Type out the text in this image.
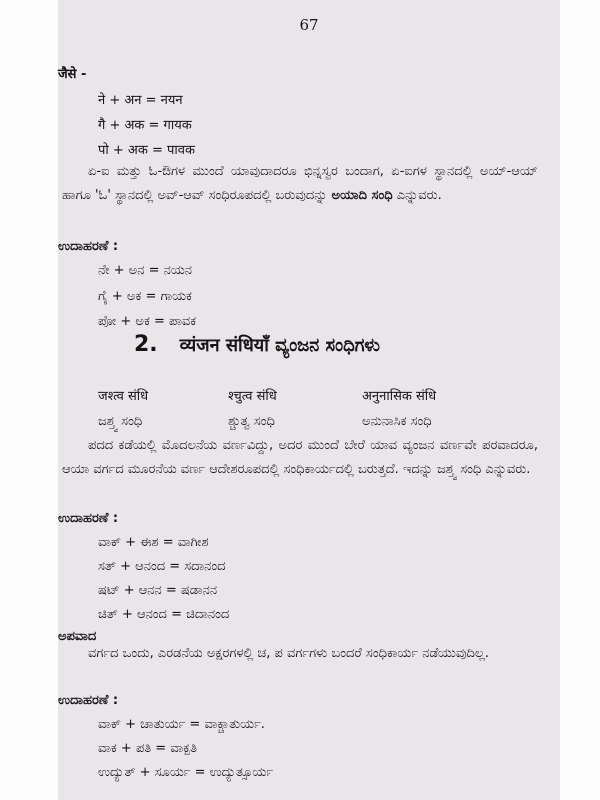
67
जैसे -
ने + अन = नयन
गै + अक = गायक
पो + अक = पावक
ಏ-ಐ ಮತ್ತು ಓ-ಔಗಳ ಮುಂದೆ ಯಾವುದಾದರೂ ಭಿನ್ನಸ್ವರ ಬಂದಾಗ, ಏ-ಐಗಳ ಸ್ಥಾನದಲ್ಲಿ ಅಯ್-ಆಯ್ ಹಾಗೂ 'ಓ' ಸ್ಥಾನದಲ್ಲಿ ಅವ್-ಆವ್ ಸಂಧಿರೂಪದಲ್ಲಿ ಬರುವುದನ್ನು ಅಯಾದಿ ಸಂಧಿ ಎನ್ನುವರು.
ಉದಾಹರಣೆ :
ನೇ + ಅನ = ನಯನ
ಗೈ + ಅಕ = ಗಾಯಕ
ಪೋ + ಅಕ = ಪಾವಕ
2. व्यंजन संधियाँ ವ್ಯಂಜನ ಸಂಧಿಗಳು
जश्त्व संधि	श्चुत्व संधि	अनुनासिक संधि
ಜಶ್ತ್ವ ಸಂಧಿ	ಶ್ಚುತ್ವ ಸಂಧಿ	ಅನುನಾಸಿಕ ಸಂಧಿ
ಪದದ ಕಡೆಯಲ್ಲಿ ಮೊದಲನೆಯ ವರ್ಣವಿದ್ದು, ಅದರ ಮುಂದೆ ಬೇರೆ ಯಾವ ವ್ಯಂಜನ ವರ್ಣವೇ ಪರವಾದರೂ, ಆಯಾ ವರ್ಗದ ಮೂರನೆಯ ವರ್ಣ ಆದೇಶರೂಪದಲ್ಲಿ ಸಂಧಿಕಾರ್ಯದಲ್ಲಿ ಬರುತ್ತದೆ. ಇದನ್ನು ಜಶ್ತ್ವ ಸಂಧಿ ಎನ್ನುವರು.
ಉದಾಹರಣೆ :
ವಾಕ್ + ಈಶ = ವಾಗೀಶ
ಸತ್ + ಆನಂದ = ಸದಾನಂದ
ಷಟ್ + ಆನನ = ಷಡಾನನ
ಚಿತ್ + ಆನಂದ = ಚಿದಾನಂದ
ಅಪವಾದ
ವರ್ಗದ ಒಂದು, ಎರಡನೆಯ ಅಕ್ಷರಗಳಲ್ಲಿ ಚ, ಪ ವರ್ಗಗಳು ಬಂದರೆ ಸಂಧಿಕಾರ್ಯ ನಡೆಯುವುದಿಲ್ಲ.
ಉದಾಹರಣೆ :
ವಾಕ್ + ಚಾತುರ್ಯ = ವಾಕ್ಚಾತುರ್ಯ.
ವಾಕ + ಪತಿ = ವಾಕ್ಪತಿ
ಉದ್ಯುತ್ + ಸೂರ್ಯ = ಉದ್ಯುತ್ಸೂರ್ಯ
